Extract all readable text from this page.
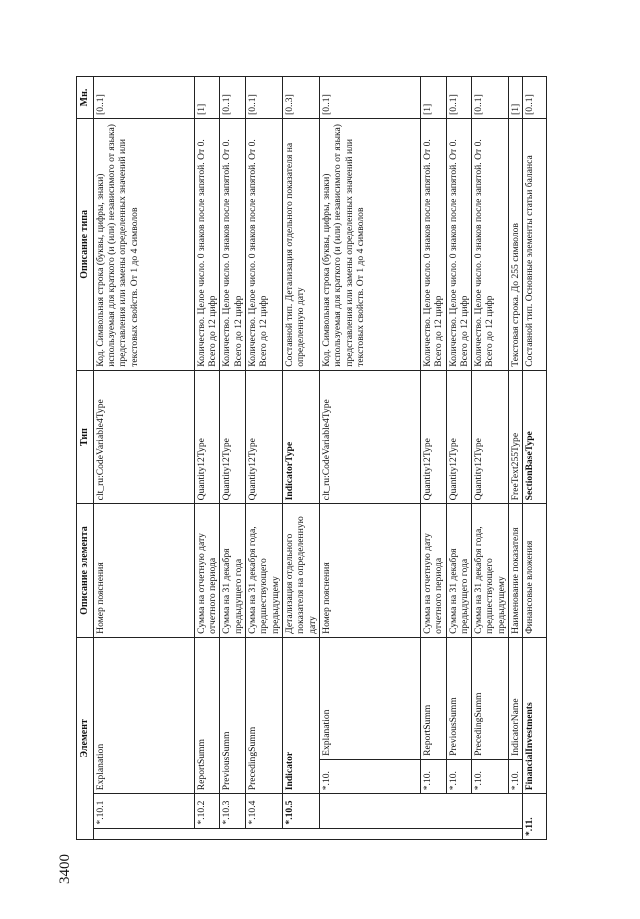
3400
Элемент				Описание элемента	Тип	Описание типа	Мн.
	*.10.1	Explanation		Номер пояснения	clt_ru:CodeVariable4Type	Код. Символьная строка (буквы, цифры, знаки) используемая для краткого (и (или) независимого от языка) представления или замены определенных значений или текстовых свойств. От 1 до 4 символов	[0..1]
	*.10.2	ReportSumm		Сумма на отчетную дату отчетного периода	Quantity12Type	Количество. Целое число. 0 знаков после запятой. От 0. Всего до 12 цифр	[1]
	*.10.3	PreviousSumm		Сумма на 31 декабря предыдущего года	Quantity12Type	Количество. Целое число. 0 знаков после запятой. От 0. Всего до 12 цифр	[0..1]
	*.10.4	PrecedingSumm		Сумма на 31 декабря года, предшествующего предыдущему	Quantity12Type	Количество. Целое число. 0 знаков после запятой. От 0. Всего до 12 цифр	[0..1]
	*.10.5	Indicator		Детализация отдельного показателя на определенную дату	IndicatorType	Составной тип. Детализация отдельного показателя на определенную дату	[0..3]
		*.10.	Explanation	Номер пояснения	clt_ru:CodeVariable4Type	Код. Символьная строка (буквы, цифры, знаки) используемая для краткого (и (или) независимого от языка) представления или замены определенных значений или текстовых свойств. От 1 до 4 символов	[0..1]
		*.10.	ReportSumm	Сумма на отчетную дату отчетного периода	Quantity12Type	Количество. Целое число. 0 знаков после запятой. От 0. Всего до 12 цифр	[1]
		*.10.	PreviousSumm	Сумма на 31 декабря предыдущего года	Quantity12Type	Количество. Целое число. 0 знаков после запятой. От 0. Всего до 12 цифр	[0..1]
		*.10.	PrecedingSumm	Сумма на 31 декабря года, предшествующего предыдущему	Quantity12Type	Количество. Целое число. 0 знаков после запятой. От 0. Всего до 12 цифр	[0..1]
		*.10.	IndicatorName	Наименование показателя	FreeText255Type	Текстовая строка. До 255 символов	[1]
*.11.		FinancialInvestments		Финансовые вложения	SectionBaseType	Составной тип. Основные элементы статьи баланса	[0..1]
